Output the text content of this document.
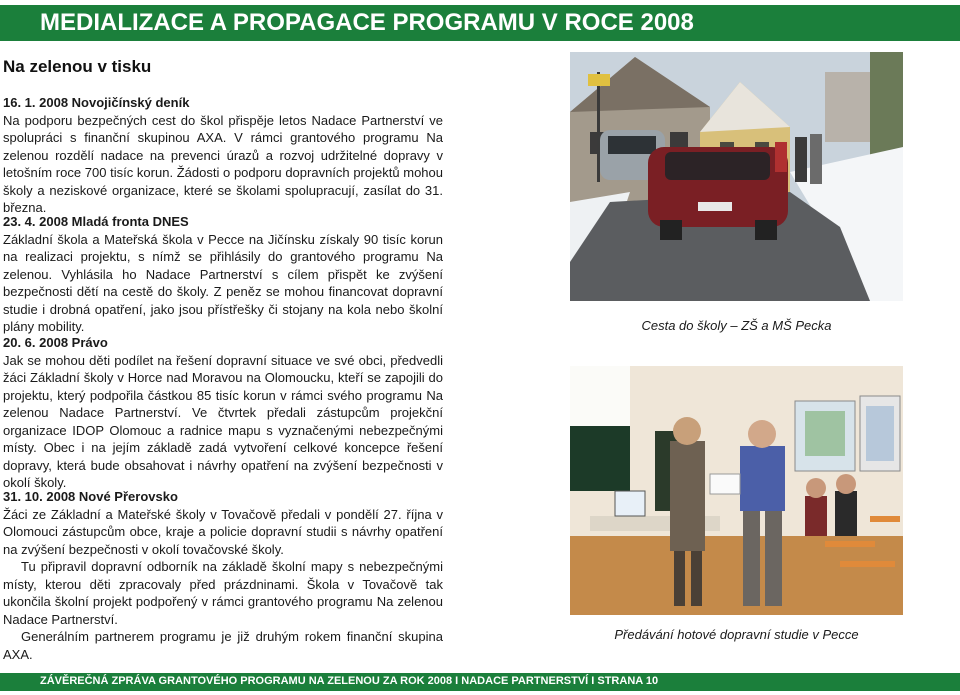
MEDIALIZACE A PROPAGACE PROGRAMU V ROCE 2008
Na zelenou v tisku
16. 1. 2008 Novojičínský deník

Na podporu bezpečných cest do škol přispěje letos Nadace Partnerství ve spolupráci s finanční skupinou AXA. V rámci grantového programu Na zelenou rozdělí nadace na prevenci úrazů a rozvoj udržitelné dopravy v letošním roce 700 tisíc korun. Žádosti o podporu dopravních projektů mohou školy a neziskové organizace, které se školami spolupracují, zasílat do 31. března.

23. 4. 2008 Mladá fronta DNES

Základní škola a Mateřská škola v Pecce na Jičínsku získaly 90 tisíc korun na realizaci projektu, s nímž se přihlásily do grantového programu Na zelenou. Vyhlásila ho Nadace Partnerství s cílem přispět ke zvýšení bezpečnosti dětí na cestě do školy. Z peněz se mohou financovat dopravní studie i drobná opatření, jako jsou přístřešky či stojany na kola nebo školní plány mobility.

20. 6. 2008 Právo

Jak se mohou děti podílet na řešení dopravní situace ve své obci, předvedli žáci Základní školy v Horce nad Moravou na Olomoucku, kteří se zapojili do projektu, který podpořila částkou 85 tisíc korun v rámci svého programu Na zelenou Nadace Partnerství. Ve čtvrtek předali zástupcům projekční organizace IDOP Olomouc a radnice mapu s vyznačenými nebezpečnými místy. Obec i na jejím základě zadá vytvoření celkové koncepce řešení dopravy, která bude obsahovat i návrhy opatření na zvýšení bezpečnosti v okolí školy.

31. 10. 2008 Nové Přerovsko

Žáci ze Základní a Mateřské školy v Tovačově předali v pondělí 27. října v Olomouci zástupcům obce, kraje a policie dopravní studii s návrhy opatření na zvýšení bezpečnosti v okolí tovačovské školy.

Tu připravil dopravní odborník na základě školní mapy s nebezpečnými místy, kterou děti zpracovaly před prázdninami. Škola v Tovačově tak ukončila školní projekt podpořený v rámci grantového programu Na zelenou Nadace Partnerství.

Generálním partnerem programu je již druhým rokem finanční skupina AXA.

Cesta do školy – ZŠ a MŠ Pecka
Předávání hotové dopravní studie v Pecce
ZÁVĚREČNÁ ZPRÁVA GRANTOVÉHO PROGRAMU NA ZELENOU ZA ROK 2008 I NADACE PARTNERSTVÍ I STRANA 10
